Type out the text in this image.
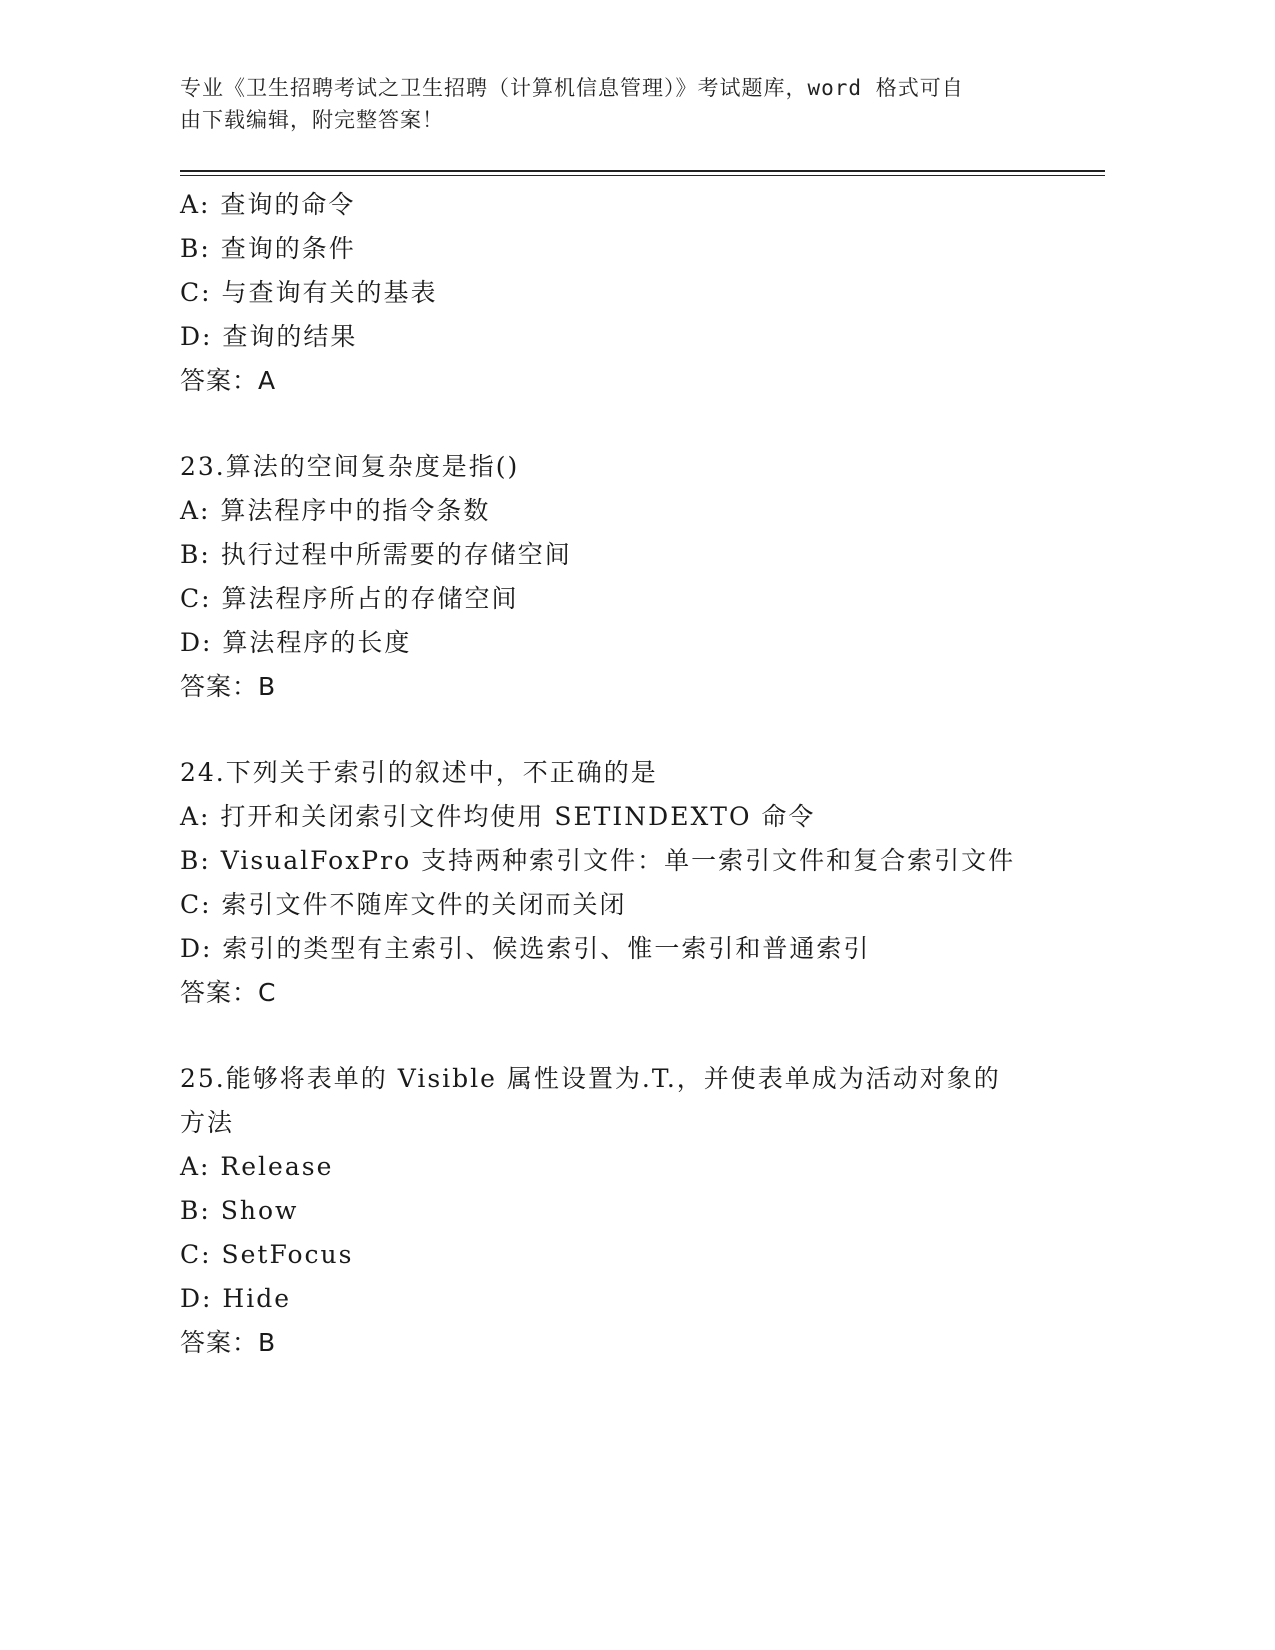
专业《卫生招聘考试之卫生招聘（计算机信息管理）》考试题库，word 格式可自
由下载编辑，附完整答案！
A: 查询的命令
B: 查询的条件
C: 与查询有关的基表
D: 查询的结果
答案：A
23.算法的空间复杂度是指()
A: 算法程序中的指令条数
B: 执行过程中所需要的存储空间
C: 算法程序所占的存储空间
D: 算法程序的长度
答案：B
24.下列关于索引的叙述中，不正确的是
A: 打开和关闭索引文件均使用 SETINDEXTO 命令
B: VisualFoxPro 支持两种索引文件：单一索引文件和复合索引文件
C: 索引文件不随库文件的关闭而关闭
D: 索引的类型有主索引、候选索引、惟一索引和普通索引
答案：C
25.能够将表单的 Visible 属性设置为.T.，并使表单成为活动对象的
方法
A: Release
B: Show
C: SetFocus
D: Hide
答案：B
